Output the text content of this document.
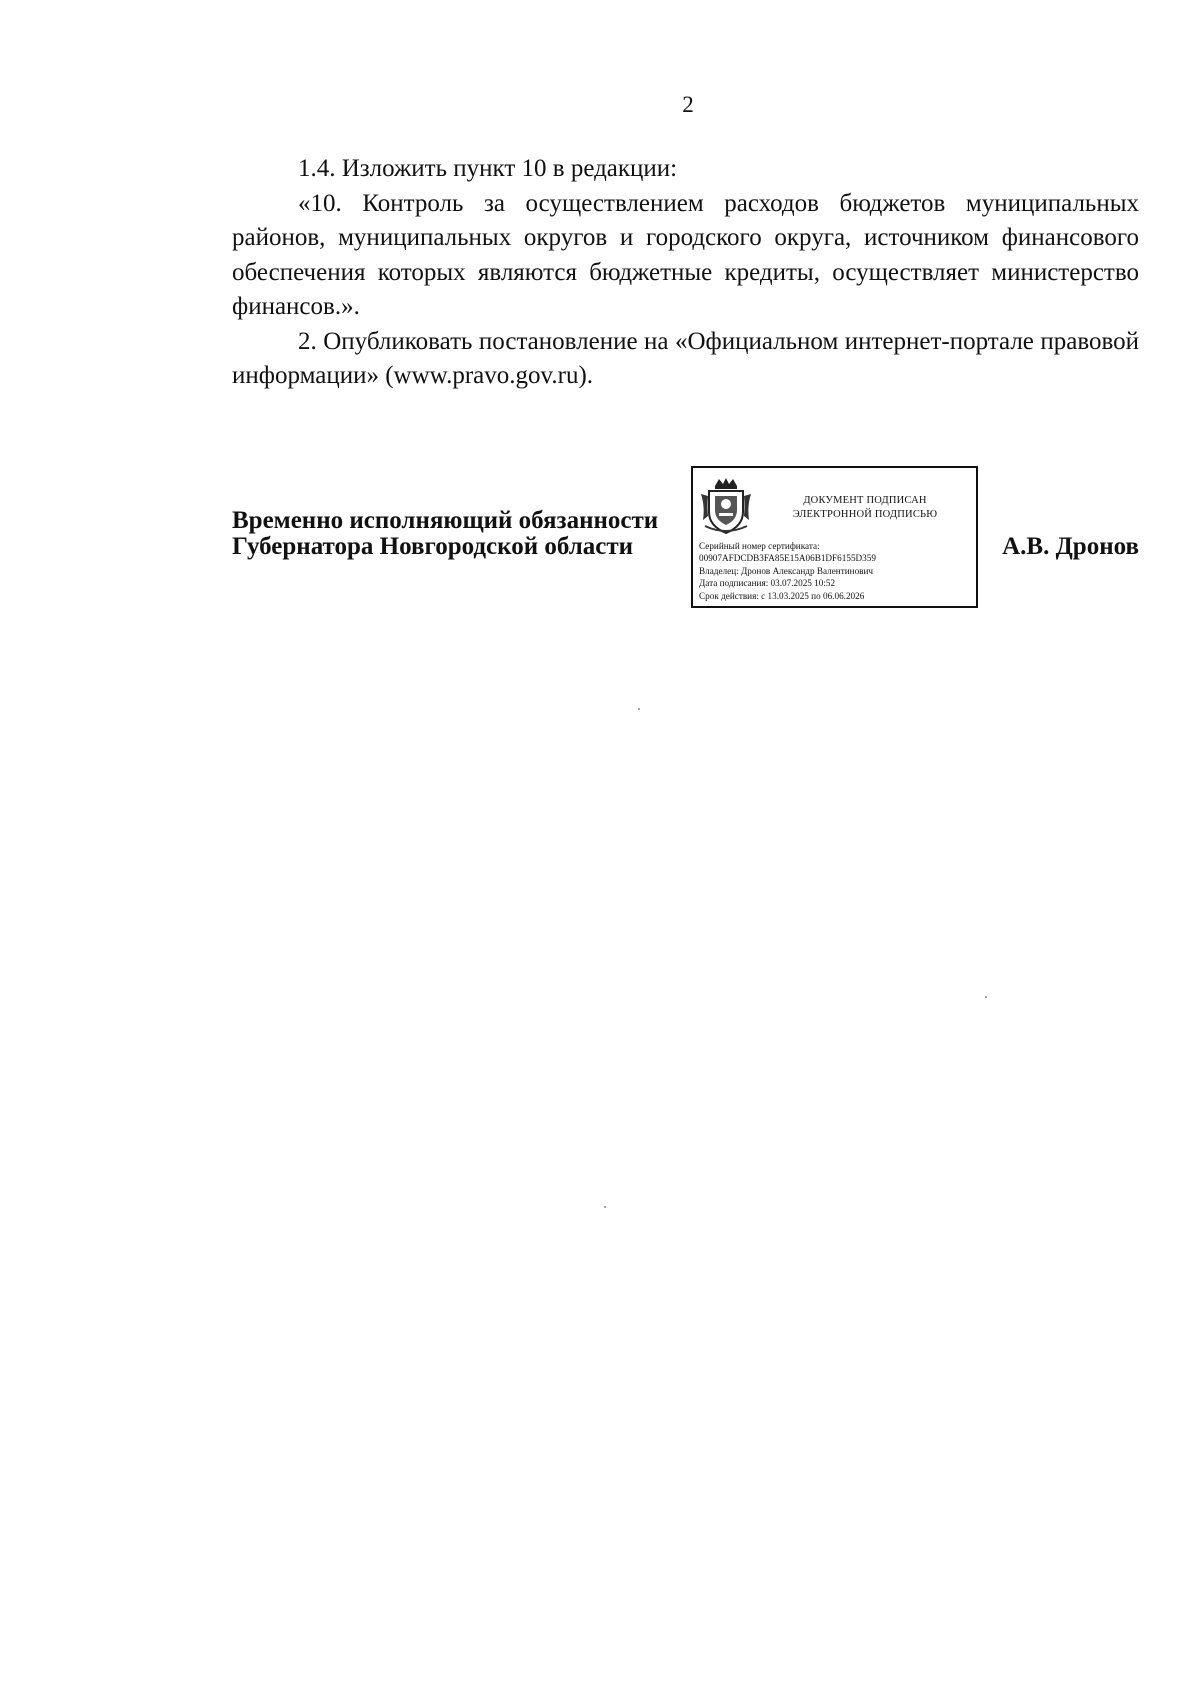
2

1.4. Изложить пункт 10 в редакции:

«10. Контроль за осуществлением расходов бюджетов муниципальных районов, муниципальных округов и городского округа, источником финансового обеспечения которых являются бюджетные кредиты, осуществляет министерство финансов.».

2. Опубликовать постановление на «Официальном интернет-портале правовой информации» (www.pravo.gov.ru).

Временно исполняющий обязанности
Губернатора Новгородской области
ДОКУМЕНТ ПОДПИСАН
ЭЛЕКТРОННОЙ ПОДПИСЬЮ
Серийный номер сертификата:
00907AFDCDB3FA85E15A06B1DF6155D359
Владелец: Дронов Александр Валентинович
Дата подписания: 03.07.2025 10:52
Срок действия: с 13.03.2025 по 06.06.2026
А.В. Дронов
